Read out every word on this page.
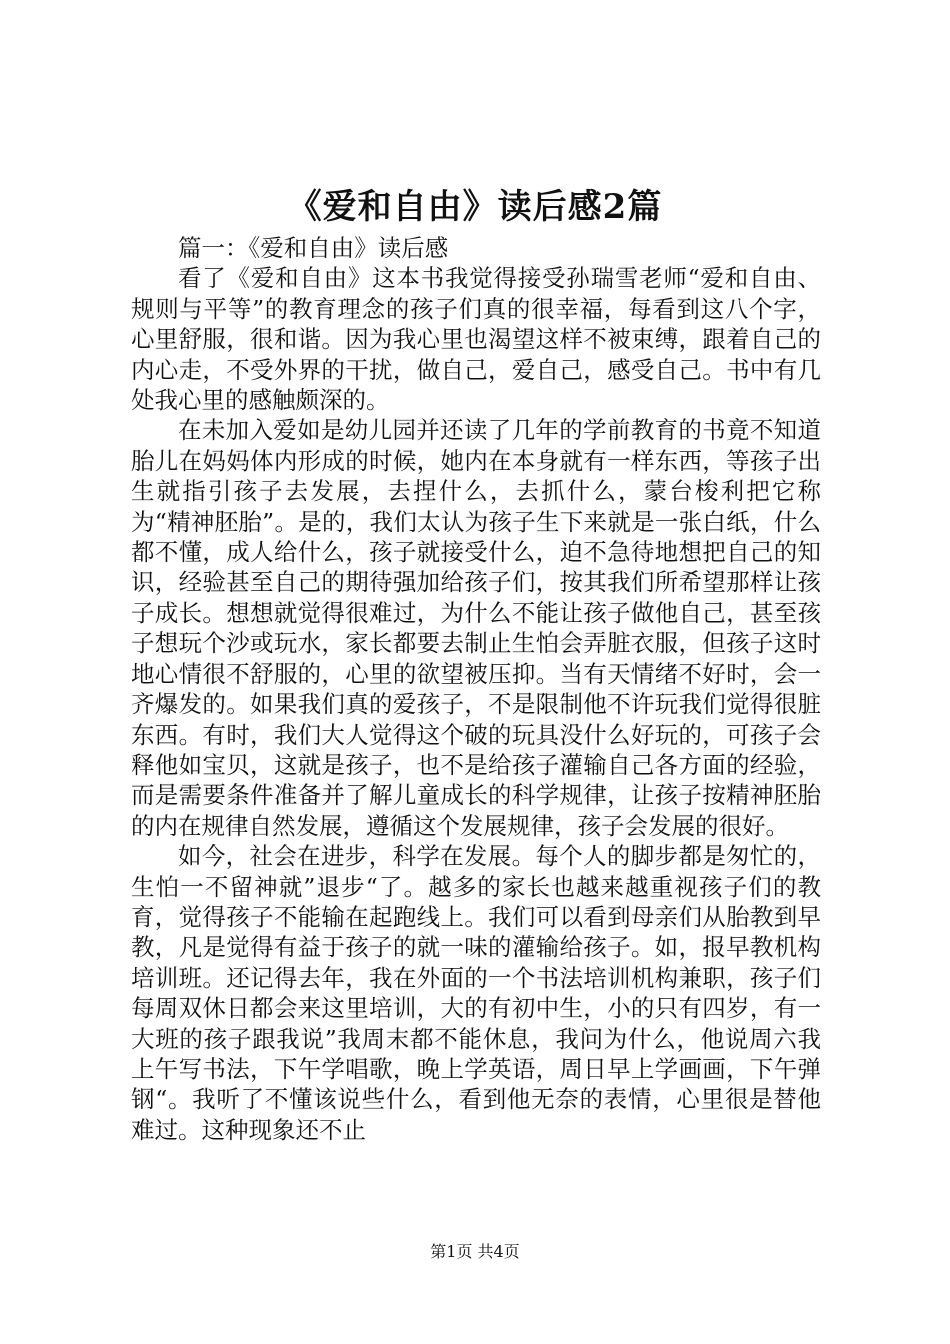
《爱和自由》读后感2篇

篇一：《爱和自由》读后感

看了《爱和自由》这本书我觉得接受孙瑞雪老师“爱和自由、规则与平等”的教育理念的孩子们真的很幸福，每看到这八个字，心里舒服，很和谐。因为我心里也渴望这样不被束缚，跟着自己的内心走，不受外界的干扰，做自己，爱自己，感受自己。书中有几处我心里的感触颇深的。

在未加入爱如是幼儿园并还读了几年的学前教育的书竟不知道胎儿在妈妈体内形成的时候，她内在本身就有一样东西，等孩子出生就指引孩子去发展，去捏什么，去抓什么，蒙台梭利把它称为“精神胚胎”。是的，我们太认为孩子生下来就是一张白纸，什么都不懂，成人给什么，孩子就接受什么，迫不急待地想把自己的知识，经验甚至自己的期待强加给孩子们，按其我们所希望那样让孩子成长。想想就觉得很难过，为什么不能让孩子做他自己，甚至孩子想玩个沙或玩水，家长都要去制止生怕会弄脏衣服，但孩子这时地心情很不舒服的，心里的欲望被压抑。当有天情绪不好时，会一齐爆发的。如果我们真的爱孩子，不是限制他不许玩我们觉得很脏东西。有时，我们大人觉得这个破的玩具没什么好玩的，可孩子会释他如宝贝，这就是孩子，也不是给孩子灌输自己各方面的经验，而是需要条件准备并了解儿童成长的科学规律，让孩子按精神胚胎的内在规律自然发展，遵循这个发展规律，孩子会发展的很好。

如今，社会在进步，科学在发展。每个人的脚步都是匆忙的，生怕一不留神就”退步“了。越多的家长也越来越重视孩子们的教育，觉得孩子不能输在起跑线上。我们可以看到母亲们从胎教到早教，凡是觉得有益于孩子的就一味的灌输给孩子。如，报早教机构培训班。还记得去年，我在外面的一个书法培训机构兼职，孩子们每周双休日都会来这里培训，大的有初中生，小的只有四岁，有一大班的孩子跟我说”我周末都不能休息，我问为什么，他说周六我上午写书法，下午学唱歌，晚上学英语，周日早上学画画，下午弹钢“。我听了不懂该说些什么，看到他无奈的表情，心里很是替他难过。这种现象还不止

第1页 共4页
